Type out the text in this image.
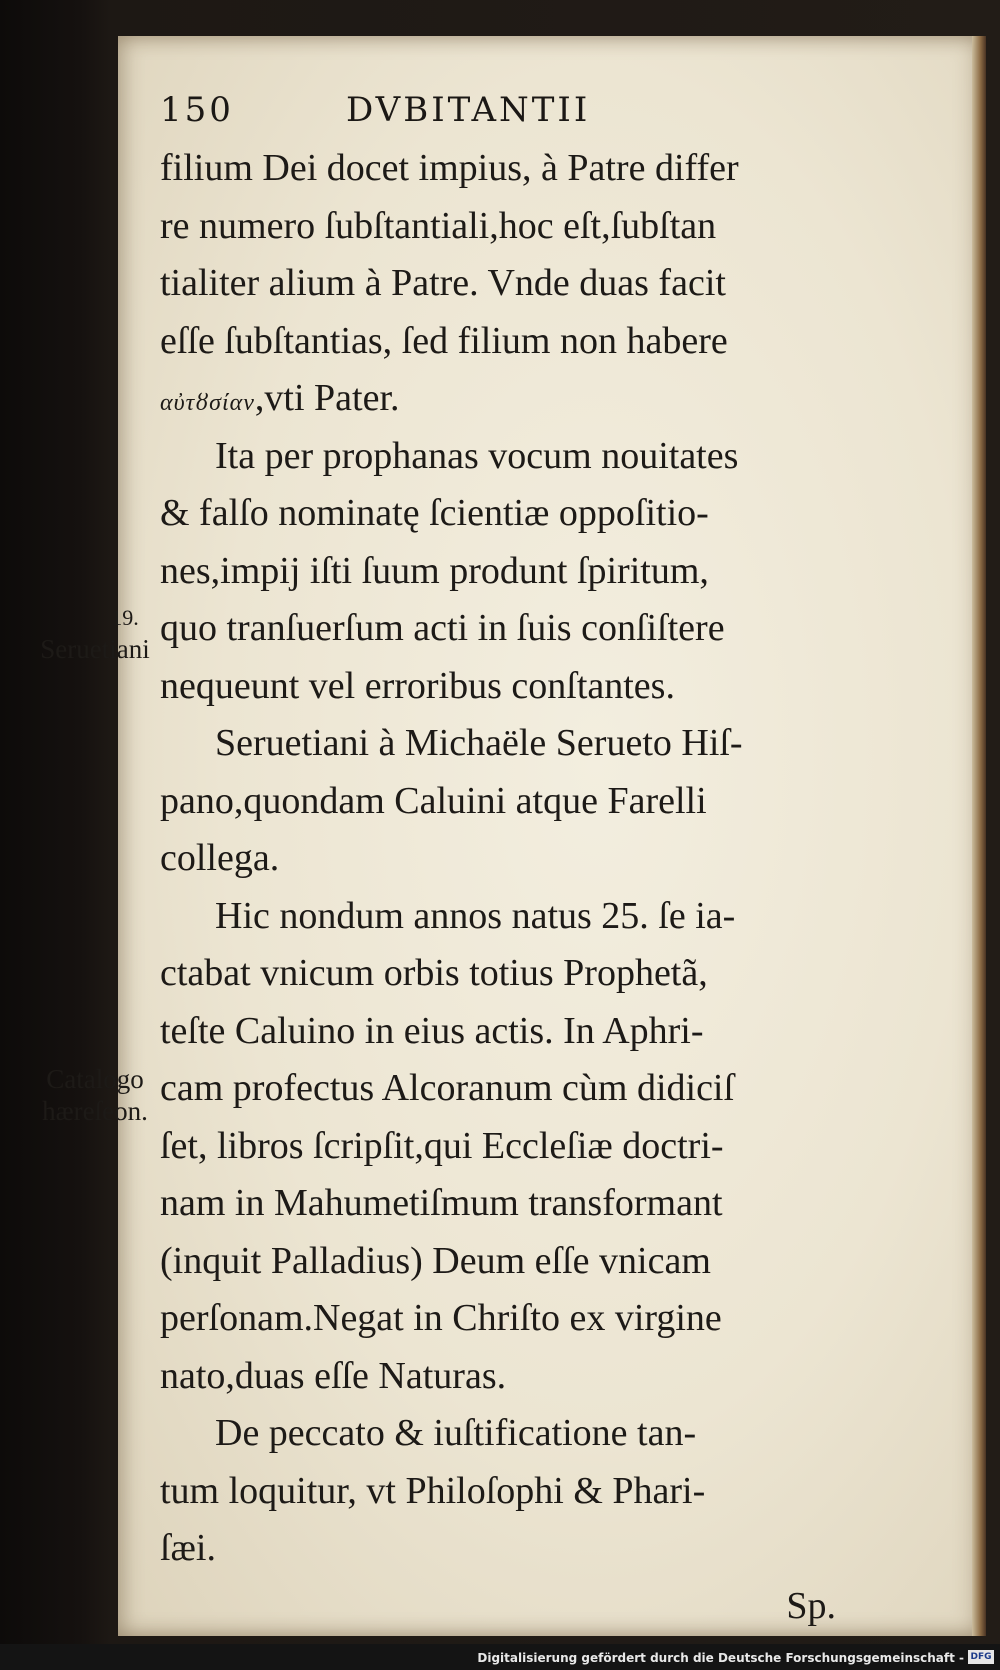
150	DVBITANTII
filium Dei docet impius, à Patre differ
re numero ſubſtantiali,hoc eſt,ſubſtan
tialiter alium à Patre. Vnde duas facit
eſſe ſubſtantias, ſed filium non habere
αὐτȣσίαν,vti Pater.
Ita per prophanas vocum nouitates
& falſo nominatę ſcientiæ oppoſitio-
nes,impij iſti ſuum produnt ſpiritum,
quo tranſuerſum acti in ſuis conſiſtere
nequeunt vel erroribus conſtantes.
Seruetiani à Michaële Serueto Hiſ-
pano,quondam Caluini atque Farelli
collega.
Hic nondum annos natus 25. ſe ia-
ctabat vnicum orbis totius Prophetã,
teſte Caluino in eius actis. In Aphri-
cam profectus Alcoranum cùm didiciſ
ſet, libros ſcripſit,qui Eccleſiæ doctri-
nam in Mahumetiſmum transformant
(inquit Palladius) Deum eſſe vnicam
perſonam.Negat in Chriſto ex virgine
nato,duas eſſe Naturas.
De peccato & iuſtificatione tan-
tum loquitur, vt Philoſophi & Phari-
ſæi.
Sp.
19.
Seruetiani
Catalogo
hæreſeon.
Digitalisierung gefördert durch die Deutsche Forschungsgemeinschaft - DFG
